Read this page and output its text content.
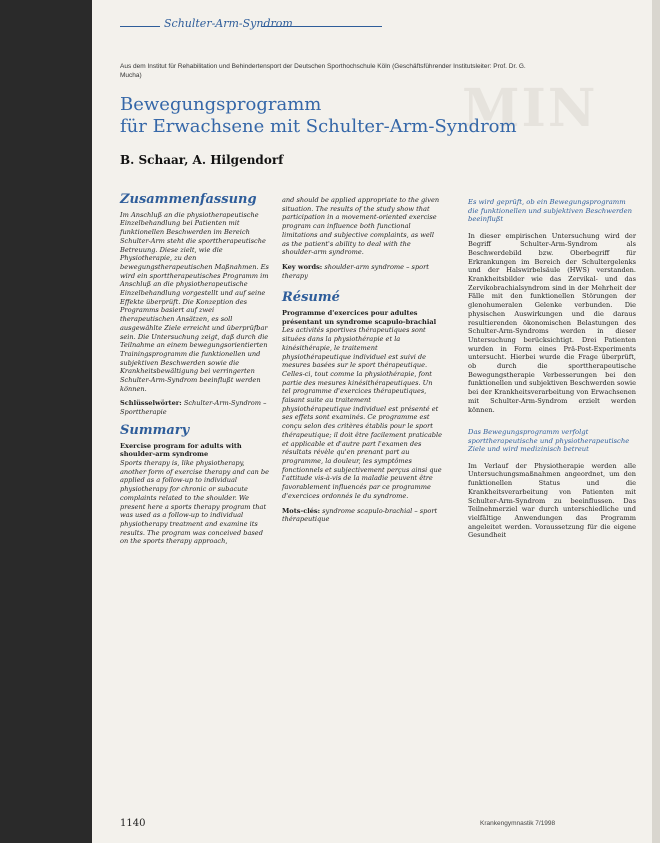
MIN
Schulter-Arm-Syndrom
Aus dem Institut für Rehabilitation und Behindertensport der Deutschen Sporthochschule Köln (Geschäftsführender Institutsleiter: Prof. Dr. G. Mucha)
Bewegungsprogramm
für Erwachsene mit Schulter-Arm-Syndrom
B. Schaar, A. Hilgendorf
Zusammenfassung

Im Anschluß an die physiotherapeutische Einzelbehandlung bei Patienten mit funktionellen Beschwerden im Bereich Schulter-Arm steht die sporttherapeutische Betreuung. Diese zielt, wie die Physiotherapie, zu den bewegungstherapeutischen Maßnahmen. Es wird ein sporttherapeutisches Programm im Anschluß an die physiotherapeutische Einzelbehandlung vorgestellt und auf seine Effekte überprüft. Die Konzeption des Programms basiert auf zwei therapeutischen Ansätzen, es soll ausgewählte Ziele erreicht und überprüfbar sein. Die Untersuchung zeigt, daß durch die Teilnahme an einem bewegungsorientierten Trainingsprogramm die funktionellen und subjektiven Beschwerden sowie die Krankheitsbewältigung bei verringerten Schulter-Arm-Syndrom beeinflußt werden können.

Schlüsselwörter: Schulter-Arm-Syndrom – Sporttherapie

Summary

Exercise program for adults with shoulder-arm syndrome

Sports therapy is, like physiotherapy, another form of exercise therapy and can be applied as a follow-up to individual physiotherapy for chronic or subacute complaints related to the shoulder. We present here a sports therapy program that was used as a follow-up to individual physiotherapy treatment and examine its results. The program was conceived based on the sports therapy approach,

and should be applied appropriate to the given situation. The results of the study show that participation in a movement-oriented exercise program can influence both functional limitations and subjective complaints, as well as the patient's ability to deal with the shoulder-arm syndrome.

Key words: shoulder-arm syndrome – sport therapy

Résumé

Programme d'exercices pour adultes présentant un syndrome scapulo-brachial

Les activités sportives thérapeutiques sont situées dans la physiothérapie et la kinésithérapie, le traitement physiothérapeutique individuel est suivi de mesures basées sur le sport thérapeutique. Celles-ci, tout comme la physiothérapie, font partie des mesures kinésithérapeutiques. Un tel programme d'exercices thérapeutiques, faisant suite au traitement physiothérapeutique individuel est présenté et ses effets sont examinés. Ce programme est conçu selon des critères établis pour le sport thérapeutique; il doit être facilement praticable et applicable et d'autre part l'examen des résultats révèle qu'en prenant part au programme, la douleur, les symptômes fonctionnels et subjectivement perçus ainsi que l'attitude vis-à-vis de la maladie peuvent être favorablement influencés par ce programme d'exercices ordonnés le du syndrome.

Mots-clés: syndrome scapulo-brachial – sport thérapeutique

Es wird geprüft, ob ein Bewegungsprogramm die funktionellen und subjektiven Beschwerden beeinflußt

In dieser empirischen Untersuchung wird der Begriff Schulter-Arm-Syndrom als Beschwerdebild bzw. Oberbegriff für Erkrankungen im Bereich der Schultergelenks und der Halswirbelsäule (HWS) verstanden. Krankheitsbilder wie das Zervikal- und das Zervikobrachialsyndrom sind in der Mehrheit der Fälle mit den funktionellen Störungen der glenohumeralen Gelenke verbunden. Die physischen Auswirkungen und die daraus resultierenden ökonomischen Belastungen des Schulter-Arm-Syndroms werden in dieser Untersuchung berücksichtigt. Drei Patienten wurden in Form eines Prä-Post-Experiments untersucht. Hierbei wurde die Frage überprüft, ob durch die sporttherapeutische Bewegungstherapie Verbesserungen bei den funktionellen und subjektiven Beschwerden sowie bei der Krankheitsverarbeitung von Erwachsenen mit Schulter-Arm-Syndrom erzielt werden können.

Das Bewegungsprogramm verfolgt sporttherapeutische und physiotherapeutische Ziele und wird medizinisch betreut

Im Verlauf der Physiotherapie werden alle Untersuchungsmaßnahmen angeordnet, um den funktionellen Status und die Krankheitsverarbeitung von Patienten mit Schulter-Arm-Syndrom zu beeinflussen. Das Teilnehmerziel war durch unterschiedliche und vielfältige Anwendungen das Programm angeleitet werden. Voraussetzung für die eigene Gesundheit

1140	Krankengymnastik 7/1998
